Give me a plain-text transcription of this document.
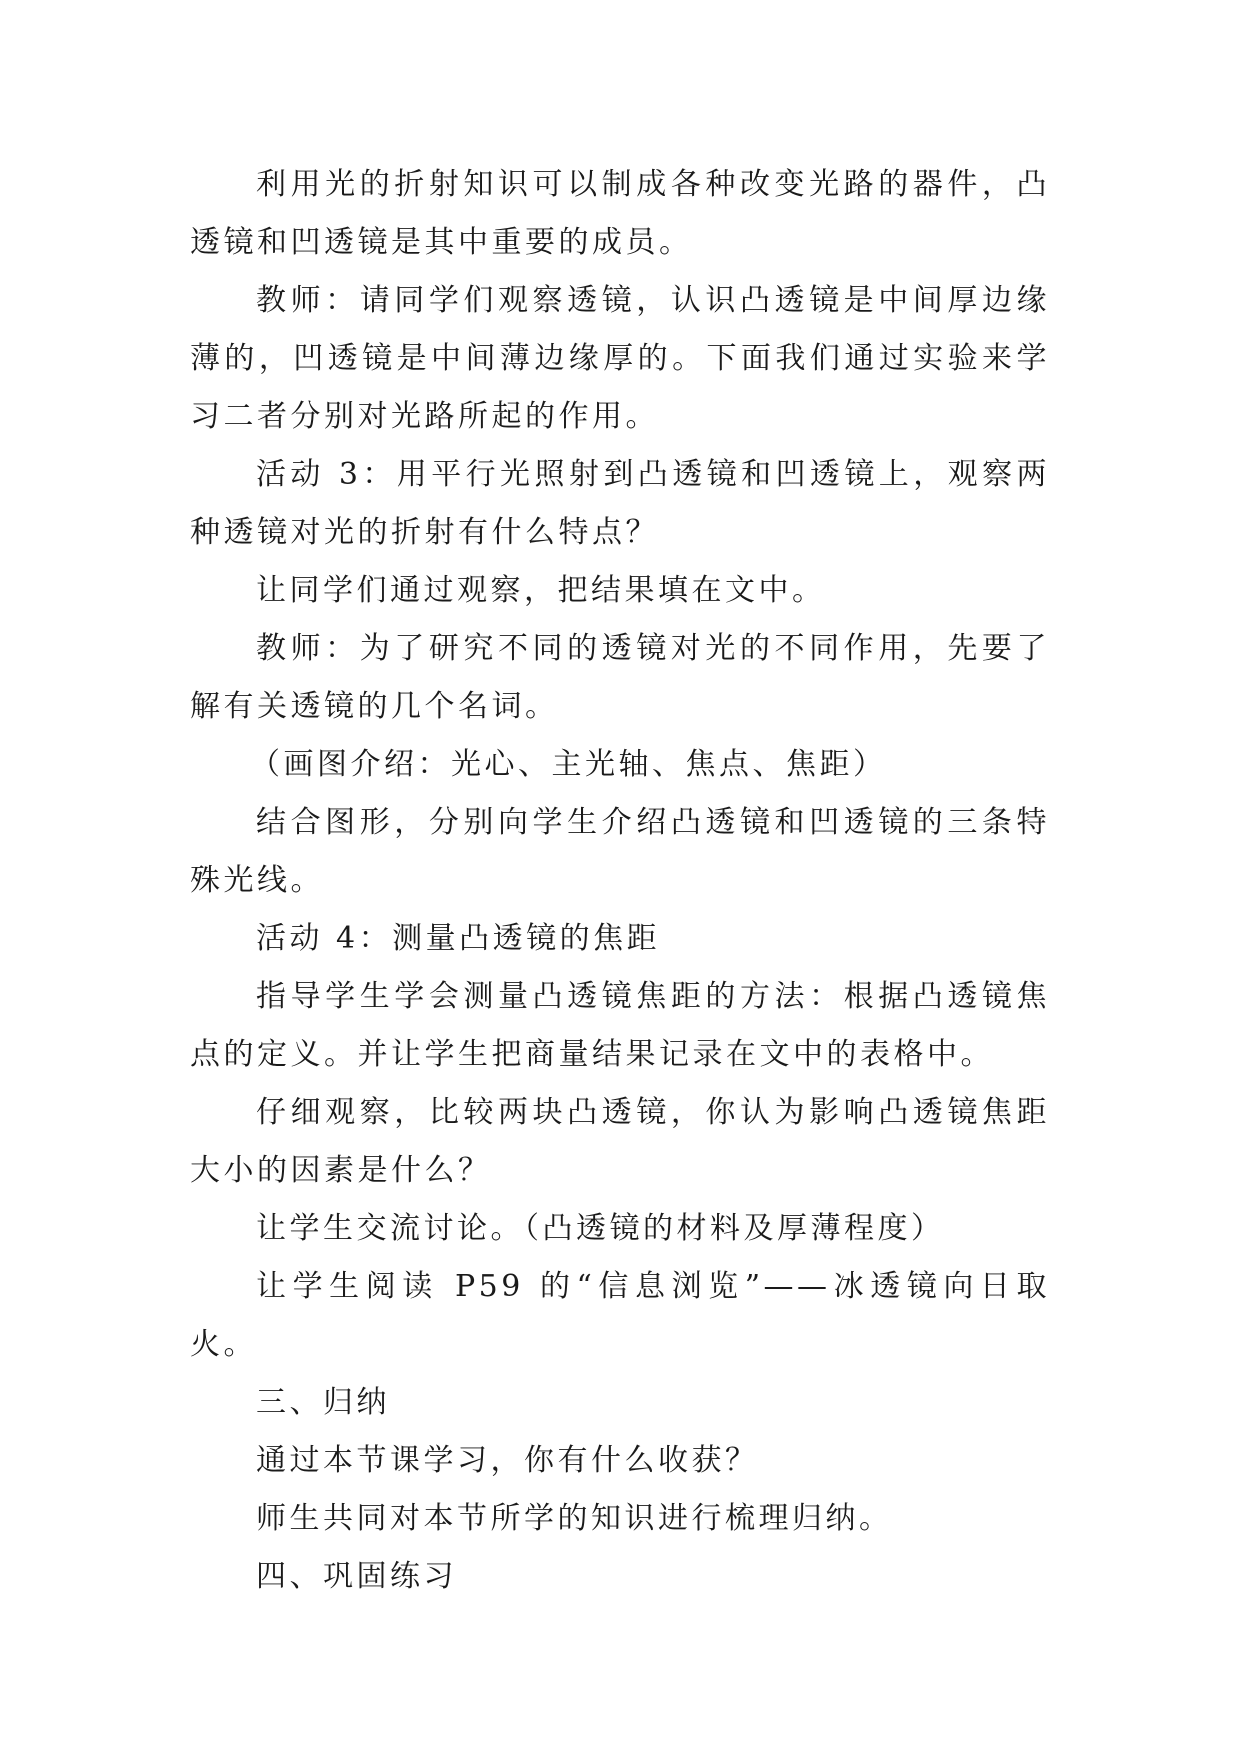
利用光的折射知识可以制成各种改变光路的器件，凸透镜和凹透镜是其中重要的成员。

教师：请同学们观察透镜，认识凸透镜是中间厚边缘薄的，凹透镜是中间薄边缘厚的。下面我们通过实验来学习二者分别对光路所起的作用。

活动 3：用平行光照射到凸透镜和凹透镜上，观察两种透镜对光的折射有什么特点？

让同学们通过观察，把结果填在文中。

教师：为了研究不同的透镜对光的不同作用，先要了解有关透镜的几个名词。

（画图介绍：光心、主光轴、焦点、焦距）

结合图形，分别向学生介绍凸透镜和凹透镜的三条特殊光线。

活动 4：测量凸透镜的焦距

指导学生学会测量凸透镜焦距的方法：根据凸透镜焦点的定义。并让学生把商量结果记录在文中的表格中。

仔细观察，比较两块凸透镜，你认为影响凸透镜焦距大小的因素是什么？

让学生交流讨论。（凸透镜的材料及厚薄程度）

让学生阅读 P59 的“信息浏览”——冰透镜向日取火。

三、归纳

通过本节课学习，你有什么收获？

师生共同对本节所学的知识进行梳理归纳。

四、巩固练习
